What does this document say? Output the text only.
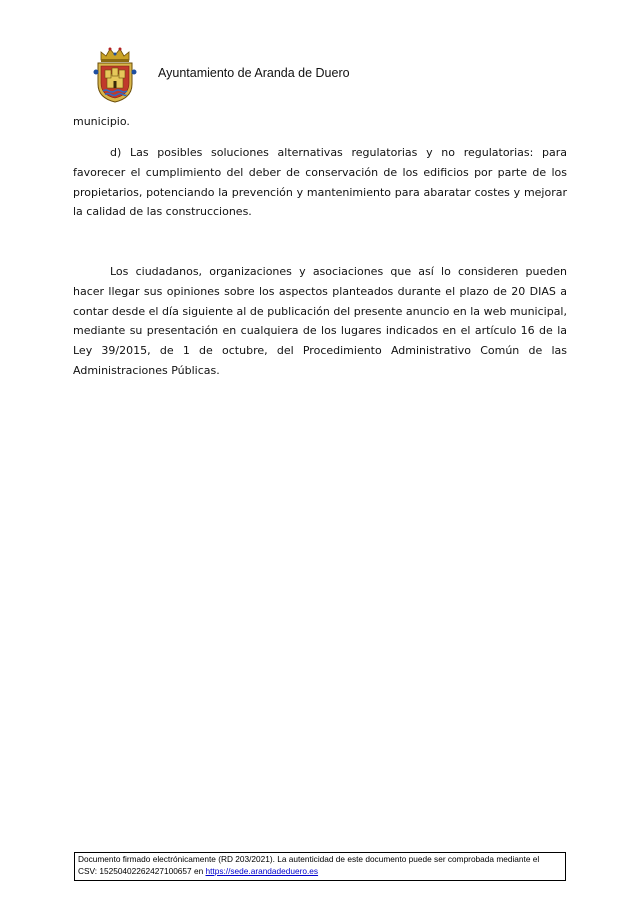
Ayuntamiento de Aranda de Duero

municipio.

d) Las posibles soluciones alternativas regulatorias y no regulatorias: para favorecer el cumplimiento del deber de conservación de los edificios por parte de los propietarios, potenciando la prevención y mantenimiento para abaratar costes y mejorar la calidad de las construcciones.

Los ciudadanos, organizaciones y asociaciones que así lo consideren pueden hacer llegar sus opiniones sobre los aspectos planteados durante el plazo de 20 DIAS a contar desde el día siguiente al de publicación del presente anuncio en la web municipal, mediante su presentación en cualquiera de los lugares indicados en el artículo 16 de la Ley 39/2015, de 1 de octubre, del Procedimiento Administrativo Común de las Administraciones Públicas.

Documento firmado electrónicamente (RD 203/2021). La autenticidad de este documento puede ser comprobada mediante el
CSV: 15250402262427100657 en https://sede.arandadeduero.es
